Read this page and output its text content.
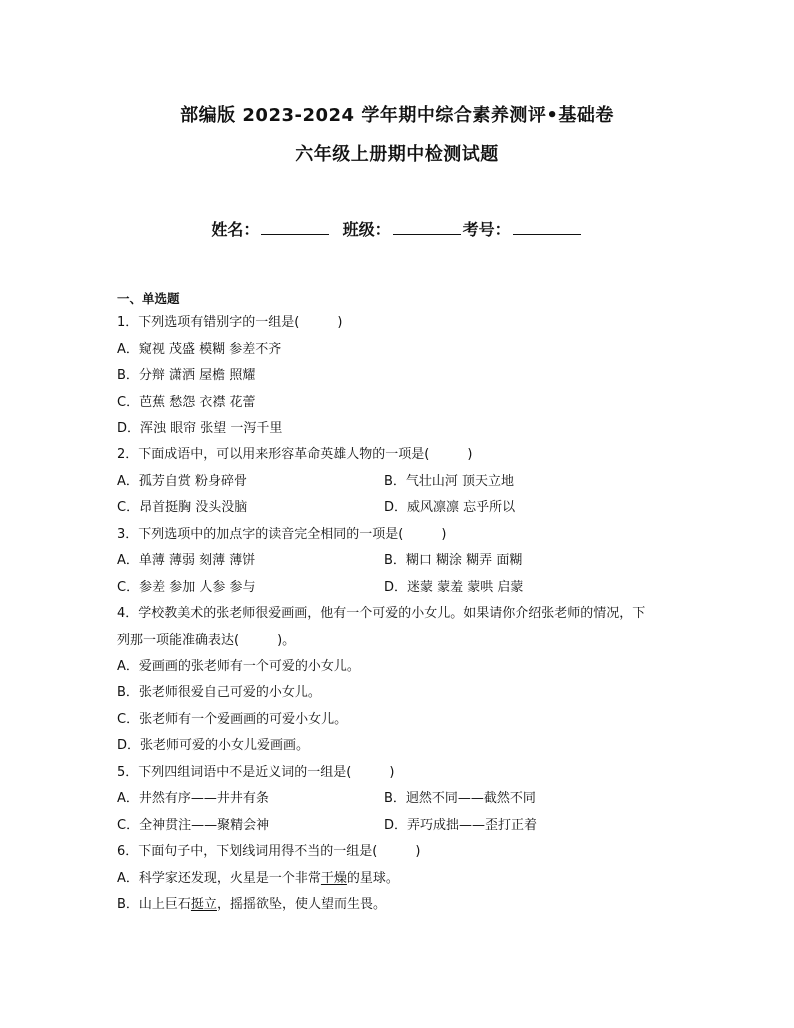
部编版 2023-2024 学年期中综合素养测评•基础卷
六年级上册期中检测试题
姓名：	班级：	考号：
一、单选题
1．下列选项有错别字的一组是(	)
A．窥视 茂盛 模糊 参差不齐
B．分辩 潇洒 屋檐 照耀
C．芭蕉 愁怨 衣襟 花蕾
D．浑浊 眼帘 张望 一泻千里
2．下面成语中，可以用来形容革命英雄人物的一项是(	)
A．孤芳自赏 粉身碎骨	B．气壮山河 顶天立地
C．昂首挺胸 没头没脑	D．威风凛凛 忘乎所以
3．下列选项中的加点字的读音完全相同的一项是(	)
A．单薄 薄弱 刻薄 薄饼	B．糊口 糊涂 糊弄 面糊
C．参差 参加 人参 参与	D．迷蒙 蒙羞 蒙哄 启蒙
4．学校教美术的张老师很爱画画，他有一个可爱的小女儿。如果请你介绍张老师的情况，下
列那一项能准确表达(	)。
A．爱画画的张老师有一个可爱的小女儿。
B．张老师很爱自己可爱的小女儿。
C．张老师有一个爱画画的可爱小女儿。
D．张老师可爱的小女儿爱画画。
5．下列四组词语中不是近义词的一组是(	)
A．井然有序——井井有条	B．迥然不同——截然不同
C．全神贯注——聚精会神	D．弄巧成拙——歪打正着
6．下面句子中，下划线词用得不当的一组是(	)
A．科学家还发现，火星是一个非常干燥的星球。
B．山上巨石挺立，摇摇欲坠，使人望而生畏。
